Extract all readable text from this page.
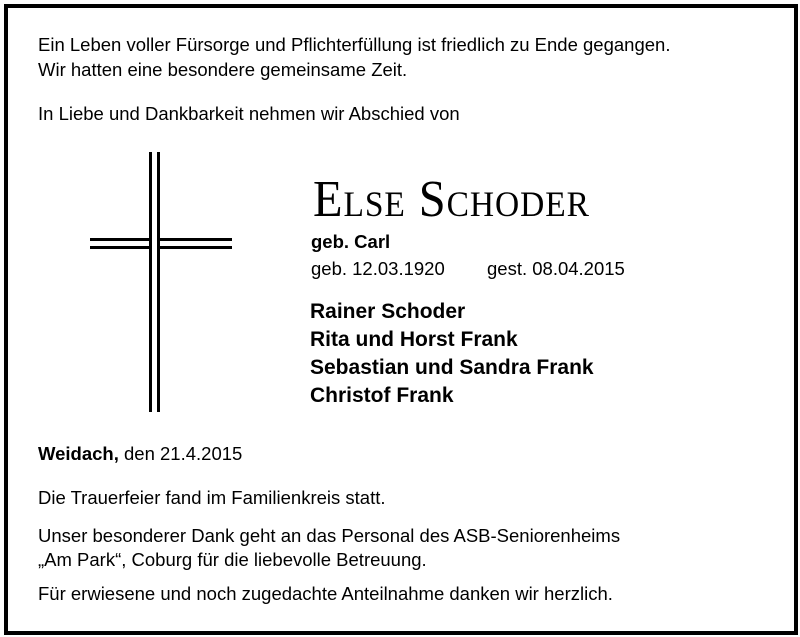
Ein Leben voller Fürsorge und Pflichterfüllung ist friedlich zu Ende gegangen.
Wir hatten eine besondere gemeinsame Zeit.
In Liebe und Dankbarkeit nehmen wir Abschied von
Else Schoder
geb. Carl
geb. 12.03.1920 gest. 08.04.2015
Rainer Schoder
Rita und Horst Frank
Sebastian und Sandra Frank
Christof Frank
Weidach, den 21.4.2015
Die Trauerfeier fand im Familienkreis statt.
Unser besonderer Dank geht an das Personal des ASB-Seniorenheims
„Am Park“, Coburg für die liebevolle Betreuung.
Für erwiesene und noch zugedachte Anteilnahme danken wir herzlich.
